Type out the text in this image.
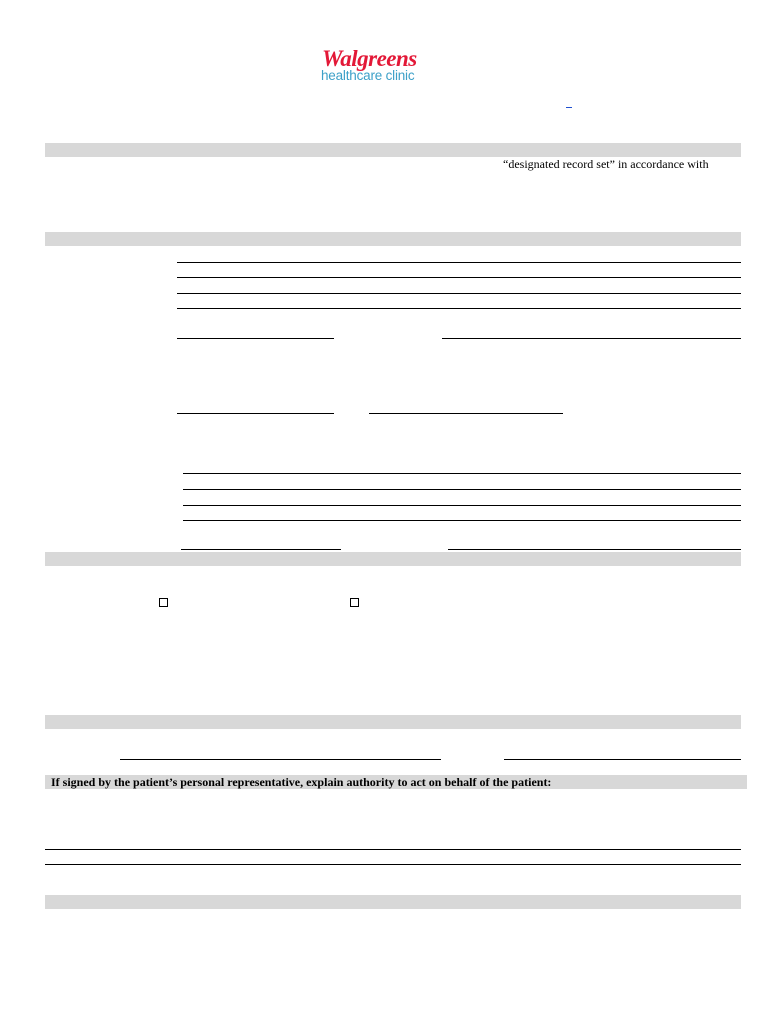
Walgreens
healthcare clinic
“designated record set” in accordance with
If signed by the patient’s personal representative, explain authority to act on behalf of the patient:
